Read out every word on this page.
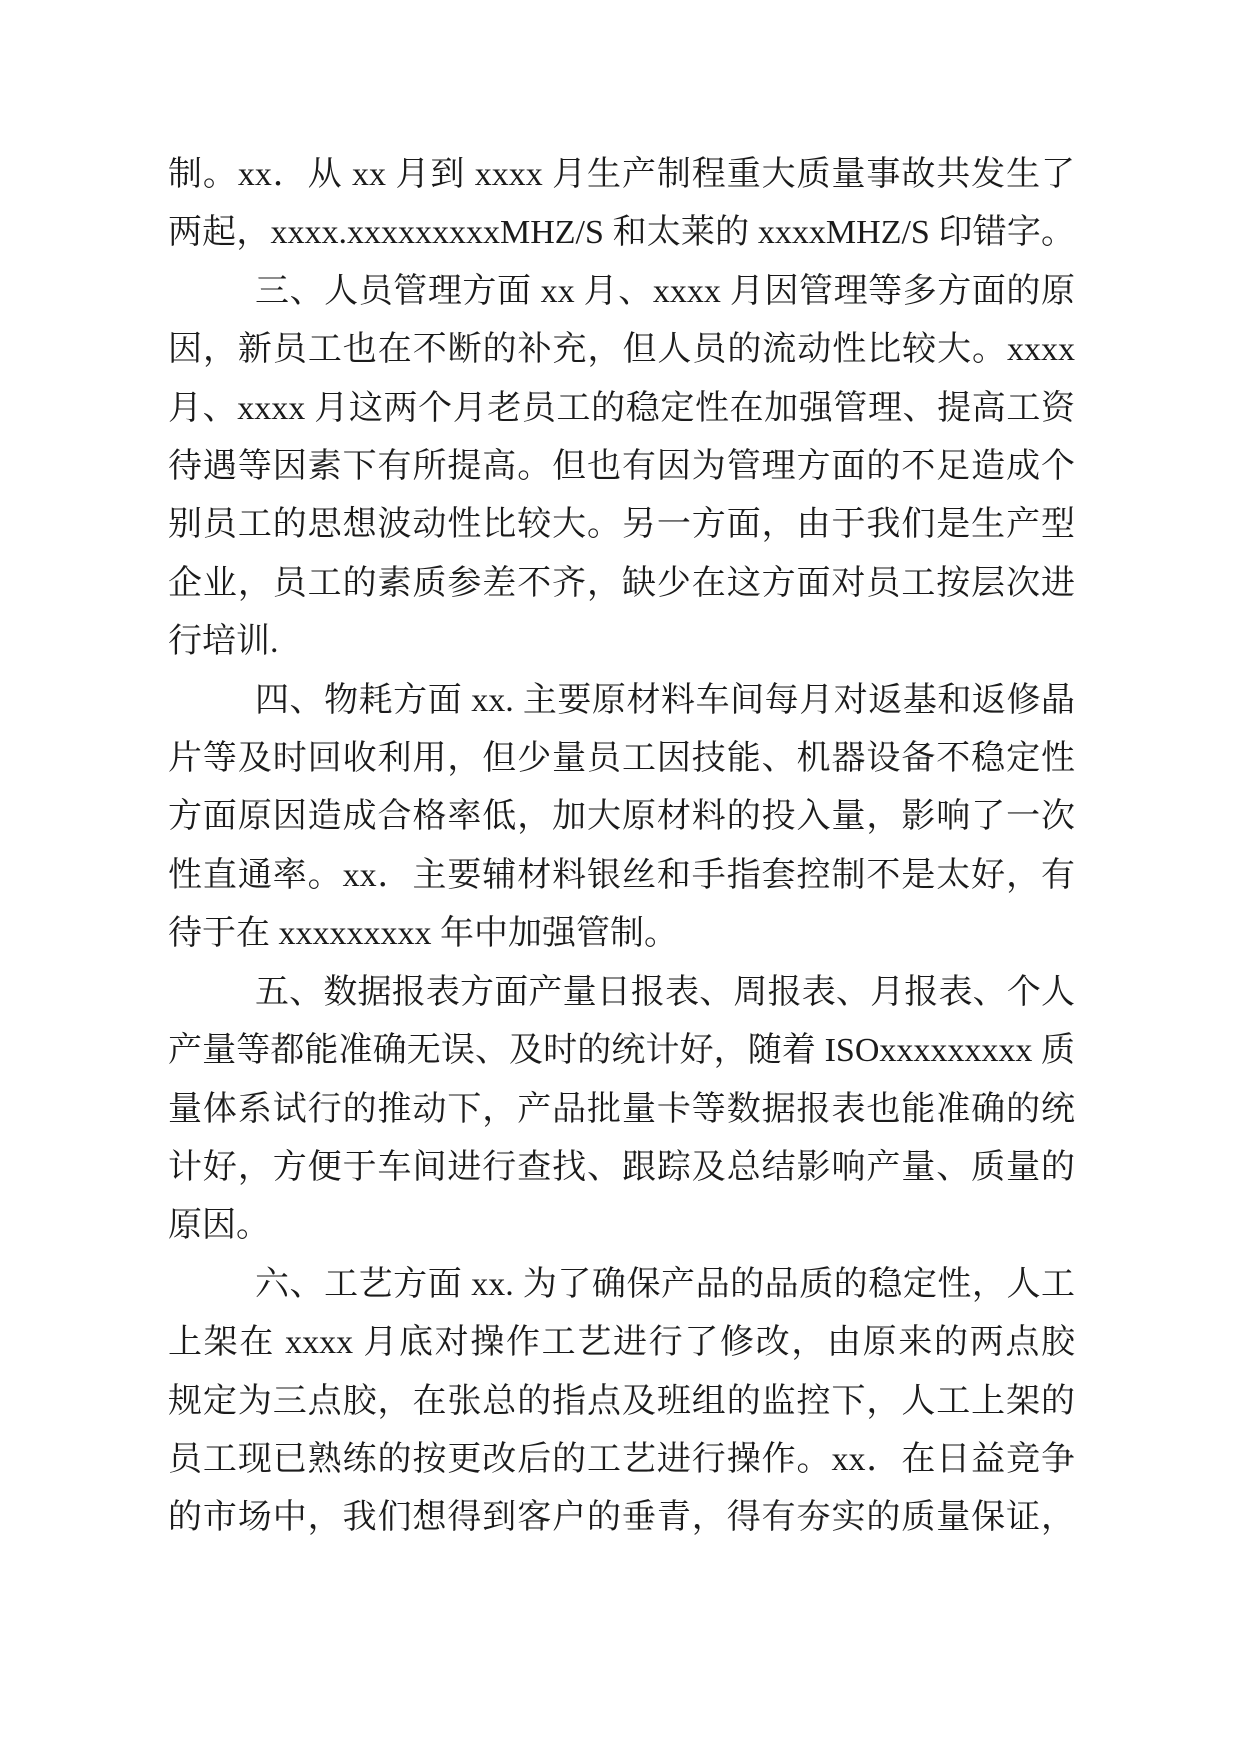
制。xx．从 xx 月到 xxxx 月生产制程重大质量事故共发生了
两起，xxxx.xxxxxxxxxMHZ/S 和太莱的 xxxxMHZ/S 印错字。
三、人员管理方面 xx 月、xxxx 月因管理等多方面的原
因，新员工也在不断的补充，但人员的流动性比较大。xxxx
月、xxxx 月这两个月老员工的稳定性在加强管理、提高工资
待遇等因素下有所提高。但也有因为管理方面的不足造成个
别员工的思想波动性比较大。另一方面，由于我们是生产型
企业，员工的素质参差不齐，缺少在这方面对员工按层次进
行培训.
四、物耗方面 xx. 主要原材料车间每月对返基和返修晶
片等及时回收利用，但少量员工因技能、机器设备不稳定性
方面原因造成合格率低，加大原材料的投入量，影响了一次
性直通率。xx．主要辅材料银丝和手指套控制不是太好，有
待于在 xxxxxxxxx 年中加强管制。
五、数据报表方面产量日报表、周报表、月报表、个人
产量等都能准确无误、及时的统计好，随着 ISOxxxxxxxxx 质
量体系试行的推动下，产品批量卡等数据报表也能准确的统
计好，方便于车间进行查找、跟踪及总结影响产量、质量的
原因。
六、工艺方面 xx. 为了确保产品的品质的稳定性，人工
上架在 xxxx 月底对操作工艺进行了修改，由原来的两点胶
规定为三点胶，在张总的指点及班组的监控下，人工上架的
员工现已熟练的按更改后的工艺进行操作。xx．在日益竞争
的市场中，我们想得到客户的垂青，得有夯实的质量保证，
